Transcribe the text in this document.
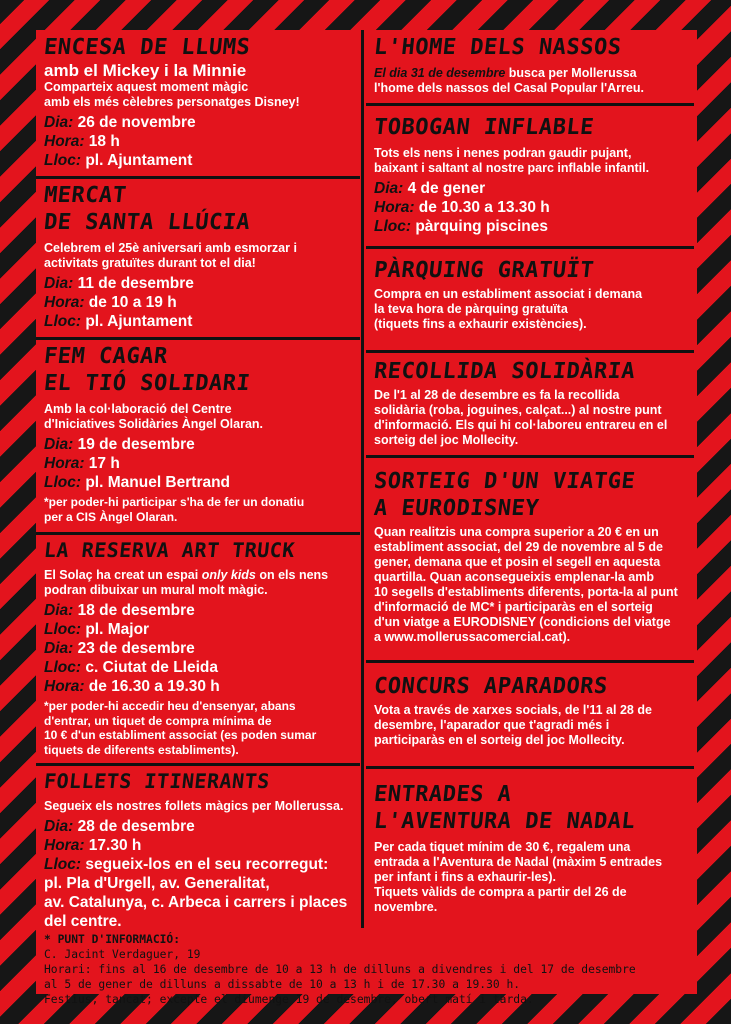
ENCESA DE LLUMS
amb el Mickey i la Minnie
Comparteix aquest moment màgic
amb els més cèlebres personatges Disney!
Dia: 26 de novembre
Hora: 18 h
Lloc: pl. Ajuntament
MERCAT
DE SANTA LLÚCIA
Celebrem el 25è aniversari amb esmorzar i
activitats gratuïtes durant tot el dia!
Dia: 11 de desembre
Hora: de 10 a 19 h
Lloc: pl. Ajuntament
FEM CAGAR
EL TIÓ SOLIDARI
Amb la col·laboració del Centre
d'Iniciatives Solidàries Àngel Olaran.
Dia: 19 de desembre
Hora: 17 h
Lloc: pl. Manuel Bertrand
*per poder-hi participar s'ha de fer un donatiu
per a CIS Àngel Olaran.
LA RESERVA ART TRUCK
El Solaç ha creat un espai only kids on els nens
podran dibuixar un mural molt màgic.
Dia: 18 de desembre
Lloc: pl. Major
Dia: 23 de desembre
Lloc: c. Ciutat de Lleida
Hora: de 16.30 a 19.30 h
*per poder-hi accedir heu d'ensenyar, abans
d'entrar, un tiquet de compra mínima de
10 € d'un establiment associat (es poden sumar
tiquets de diferents establiments).
FOLLETS ITINERANTS
Segueix els nostres follets màgics per Mollerussa.
Dia: 28 de desembre
Hora: 17.30 h
Lloc: segueix-los en el seu recorregut:
pl. Pla d'Urgell, av. Generalitat,
av. Catalunya, c. Arbeca i carrers i places
del centre.
L'HOME DELS NASSOS
El dia 31 de desembre busca per Mollerussa
l'home dels nassos del Casal Popular l'Arreu.
TOBOGAN INFLABLE
Tots els nens i nenes podran gaudir pujant,
baixant i saltant al nostre parc inflable infantil.
Dia: 4 de gener
Hora: de 10.30 a 13.30 h
Lloc: pàrquing piscines
PÀRQUING GRATUÏT
Compra en un establiment associat i demana
la teva hora de pàrquing gratuïta
(tiquets fins a exhaurir existències).
RECOLLIDA SOLIDÀRIA
De l'1 al 28 de desembre es fa la recollida
solidària (roba, joguines, calçat...) al nostre punt
d'informació. Els qui hi col·laboreu entrareu en el
sorteig del joc Mollecity.
SORTEIG D'UN VIATGE
A EURODISNEY
Quan realitzis una compra superior a 20 € en un
establiment associat, del 29 de novembre al 5 de
gener, demana que et posin el segell en aquesta
quartilla. Quan aconsegueixis emplenar-la amb
10 segells d'establiments diferents, porta-la al punt
d'informació de MC* i participaràs en el sorteig
d'un viatge a EURODISNEY (condicions del viatge
a www.mollerussacomercial.cat).
CONCURS APARADORS
Vota a través de xarxes socials, de l'11 al 28 de
desembre, l'aparador que t'agradi més i
participaràs en el sorteig del joc Mollecity.
ENTRADES A
L'AVENTURA DE NADAL
Per cada tiquet mínim de 30 €, regalem una
entrada a l'Aventura de Nadal (màxim 5 entrades
per infant i fins a exhaurir-les).
Tiquets vàlids de compra a partir del 26 de
novembre.
* PUNT D'INFORMACIÓ:
C. Jacint Verdaguer, 19
Horari: fins al 16 de desembre de 10 a 13 h de dilluns a divendres i del 17 de desembre
al 5 de gener de dilluns a dissabte de 10 a 13 h i de 17.30 a 19.30 h.
Festius, tancat; excepte el diumenge 19 de desembre, obert matí i tarda.
